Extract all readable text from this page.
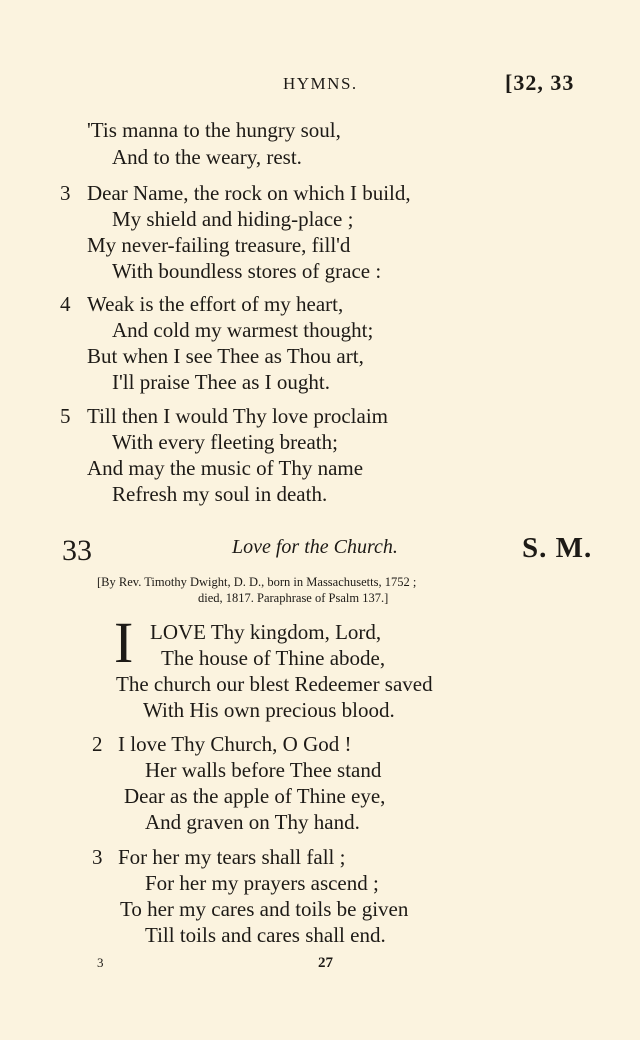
HYMNS.	[32, 33
'Tis manna to the hungry soul,
And to the weary, rest.
3 Dear Name, the rock on which I build,
My shield and hiding-place ;
My never-failing treasure, fill'd
With boundless stores of grace :
4 Weak is the effort of my heart,
And cold my warmest thought;
But when I see Thee as Thou art,
I'll praise Thee as I ought.
5 Till then I would Thy love proclaim
With every fleeting breath;
And may the music of Thy name
Refresh my soul in death.
33	Love for the Church.	S. M.
[By Rev. Timothy Dwight, D. D., born in Massachusetts, 1752 ;
died, 1817. Paraphrase of Psalm 137.]
I LOVE Thy kingdom, Lord,
The house of Thine abode,
The church our blest Redeemer saved
With His own precious blood.
2 I love Thy Church, O God !
Her walls before Thee stand
Dear as the apple of Thine eye,
And graven on Thy hand.
3 For her my tears shall fall ;
For her my prayers ascend ;
To her my cares and toils be given
Till toils and cares shall end.
3	27
